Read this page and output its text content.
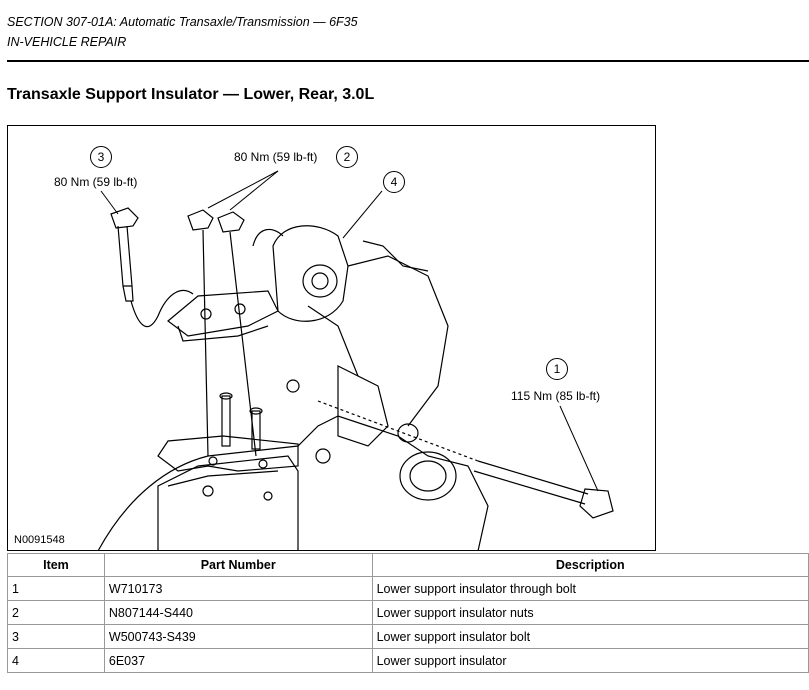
SECTION 307-01A: Automatic Transaxle/Transmission — 6F35
IN-VEHICLE REPAIR
Transaxle Support Insulator — Lower, Rear, 3.0L
3
80 Nm (59 lb-ft)
2
80 Nm (59 lb-ft)
4
1
115 Nm (85 lb-ft)
N0091548
Item	Part Number	Description
1	W710173	Lower support insulator through bolt
2	N807144-S440	Lower support insulator nuts
3	W500743-S439	Lower support insulator bolt
4	6E037	Lower support insulator
